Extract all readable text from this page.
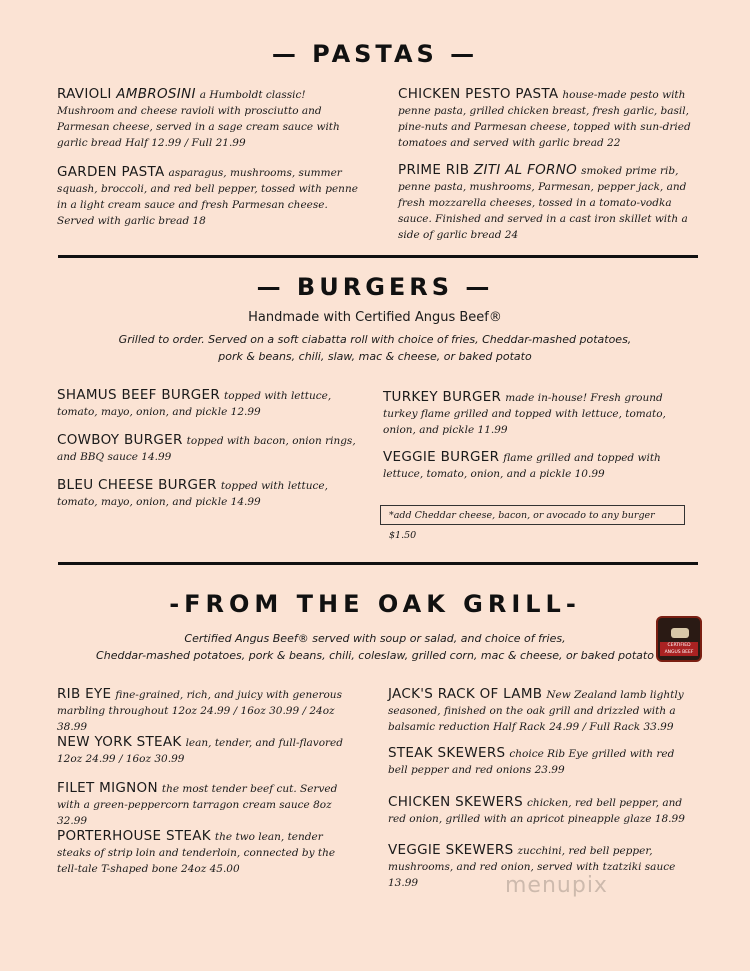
— PASTAS —
RAVIOLI AMBROSINI a Humboldt classic! Mushroom and cheese ravioli with prosciutto and Parmesan cheese, served in a sage cream sauce with garlic bread Half 12.99 / Full 21.99
GARDEN PASTA asparagus, mushrooms, summer squash, broccoli, and red bell pepper, tossed with penne in a light cream sauce and fresh Parmesan cheese. Served with garlic bread 18
CHICKEN PESTO PASTA house-made pesto with penne pasta, grilled chicken breast, fresh garlic, basil, pine-nuts and Parmesan cheese, topped with sun-dried tomatoes and served with garlic bread 22
PRIME RIB ZITI AL FORNO smoked prime rib, penne pasta, mushrooms, Parmesan, pepper jack, and fresh mozzarella cheeses, tossed in a tomato-vodka sauce. Finished and served in a cast iron skillet with a side of garlic bread 24
— BURGERS —
Handmade with Certified Angus Beef®
Grilled to order. Served on a soft ciabatta roll with choice of fries, Cheddar-mashed potatoes,
pork & beans, chili, slaw, mac & cheese, or baked potato
SHAMUS BEEF BURGER topped with lettuce, tomato, mayo, onion, and pickle 12.99
COWBOY BURGER topped with bacon, onion rings, and BBQ sauce 14.99
BLEU CHEESE BURGER topped with lettuce, tomato, mayo, onion, and pickle 14.99
TURKEY BURGER made in-house! Fresh ground turkey flame grilled and topped with lettuce, tomato, onion, and pickle 11.99
VEGGIE BURGER flame grilled and topped with lettuce, tomato, onion, and a pickle 10.99
*add Cheddar cheese, bacon, or avocado to any burger $1.50
-FROM THE OAK GRILL-
Certified Angus Beef® served with soup or salad, and choice of fries,
Cheddar-mashed potatoes, pork & beans, chili, coleslaw, grilled corn, mac & cheese, or baked potato
CERTIFIED ANGUS BEEF
RIB EYE fine-grained, rich, and juicy with generous marbling throughout 12oz 24.99 / 16oz 30.99 / 24oz 38.99
NEW YORK STEAK lean, tender, and full-flavored 12oz 24.99 / 16oz 30.99
FILET MIGNON the most tender beef cut. Served with a green-peppercorn tarragon cream sauce 8oz 32.99
PORTERHOUSE STEAK the two lean, tender steaks of strip loin and tenderloin, connected by the tell-tale T-shaped bone 24oz 45.00
JACK'S RACK OF LAMB New Zealand lamb lightly seasoned, finished on the oak grill and drizzled with a balsamic reduction Half Rack 24.99 / Full Rack 33.99
STEAK SKEWERS choice Rib Eye grilled with red bell pepper and red onions 23.99
CHICKEN SKEWERS chicken, red bell pepper, and red onion, grilled with an apricot pineapple glaze 18.99
VEGGIE SKEWERS zucchini, red bell pepper, mushrooms, and red onion, served with tzatziki sauce 13.99	menupix
